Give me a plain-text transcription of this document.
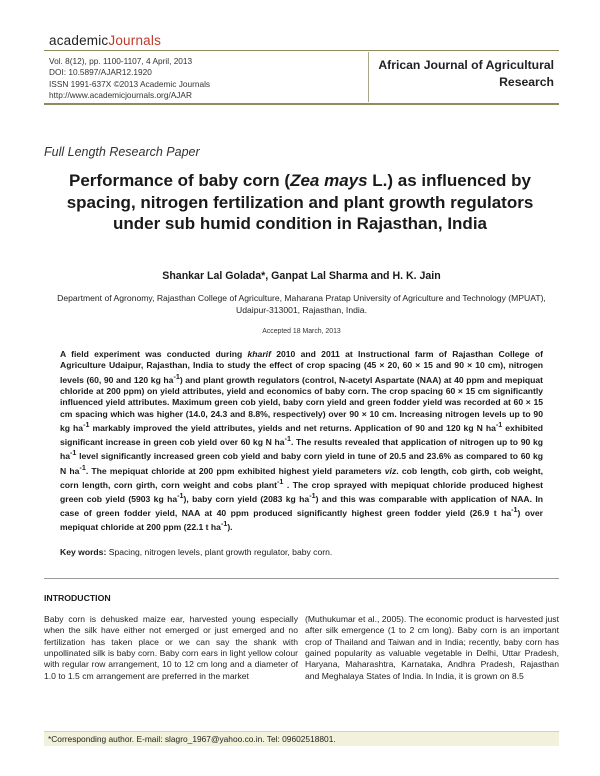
academicJournals
Vol. 8(12), pp. 1100-1107, 4 April, 2013
DOI: 10.5897/AJAR12.1920
ISSN 1991-637X ©2013 Academic Journals
http://www.academicjournals.org/AJAR
African Journal of Agricultural
Research
Full Length Research Paper
Performance of baby corn (Zea mays L.) as influenced by spacing, nitrogen fertilization and plant growth regulators under sub humid condition in Rajasthan, India
Shankar Lal Golada*, Ganpat Lal Sharma and H. K. Jain
Department of Agronomy, Rajasthan College of Agriculture, Maharana Pratap University of Agriculture and Technology (MPUAT), Udaipur-313001, Rajasthan, India.
Accepted 18 March, 2013
A field experiment was conducted during kharif 2010 and 2011 at Instructional farm of Rajasthan College of Agriculture Udaipur, Rajasthan, India to study the effect of crop spacing (45 × 20, 60 × 15 and 90 × 10 cm), nitrogen levels (60, 90 and 120 kg $ha^{-1}$) and plant growth regulators (control, N-acetyl Aspartate (NAA) at 40 ppm and mepiquat chloride at 200 ppm) on yield attributes, yield and economics of baby corn. The crop spacing 60 × 15 cm significantly influenced yield attributes. Maximum green cob yield, baby corn yield and green fodder yield was recorded at 60 × 15 cm spacing which was higher (14.0, 24.3 and 8.8%, respectively) over 90 × 10 cm. Increasing nitrogen levels up to 90 kg $ha^{-1}$ markably improved the yield attributes, yields and net returns. Application of 90 and 120 kg N $ha^{-1}$ exhibited significant increase in green cob yield over 60 kg N $ha^{-1}$. The results revealed that application of nitrogen up to 90 kg $ha^{-1}$ level significantly increased green cob yield and baby corn yield in tune of 20.5 and 23.6% as compared to 60 kg N $ha^{-1}$. The mepiquat chloride at 200 ppm exhibited highest yield parameters viz. cob length, cob girth, cob weight, corn length, corn girth, corn weight and cobs plant$^{-1}$ . The crop sprayed with mepiquat chloride produced highest green cob yield (5903 kg $ha^{-1}$), baby corn yield (2083 kg $ha^{-1}$) and this was comparable with application of NAA. In case of green fodder yield, NAA at 40 ppm produced significantly highest green fodder yield (26.9 t $ha^{-1}$) over mepiquat chloride at 200 ppm (22.1 t $ha^{-1}$).
Key words: Spacing, nitrogen levels, plant growth regulator, baby corn.
INTRODUCTION
Baby corn is dehusked maize ear, harvested young especially when the silk have either not emerged or just emerged and no fertilization has taken place or we can say the shank with unpollinated silk is baby corn. Baby corn ears in light yellow colour with regular row arrangement, 10 to 12 cm long and a diameter of 1.0 to 1.5 cm arrangement are preferred in the market
(Muthukumar et al., 2005). The economic product is harvested just after silk emergence (1 to 2 cm long). Baby corn is an important crop of Thailand and Taiwan and in India; recently, baby corn has gained popularity as valuable vegetable in Delhi, Uttar Pradesh, Haryana, Maharashtra, Karnataka, Andhra Pradesh, Rajasthan and Meghalaya States of India. In India, it is grown on 8.5
*Corresponding author. E-mail: slagro_1967@yahoo.co.in. Tel: 09602518801.
